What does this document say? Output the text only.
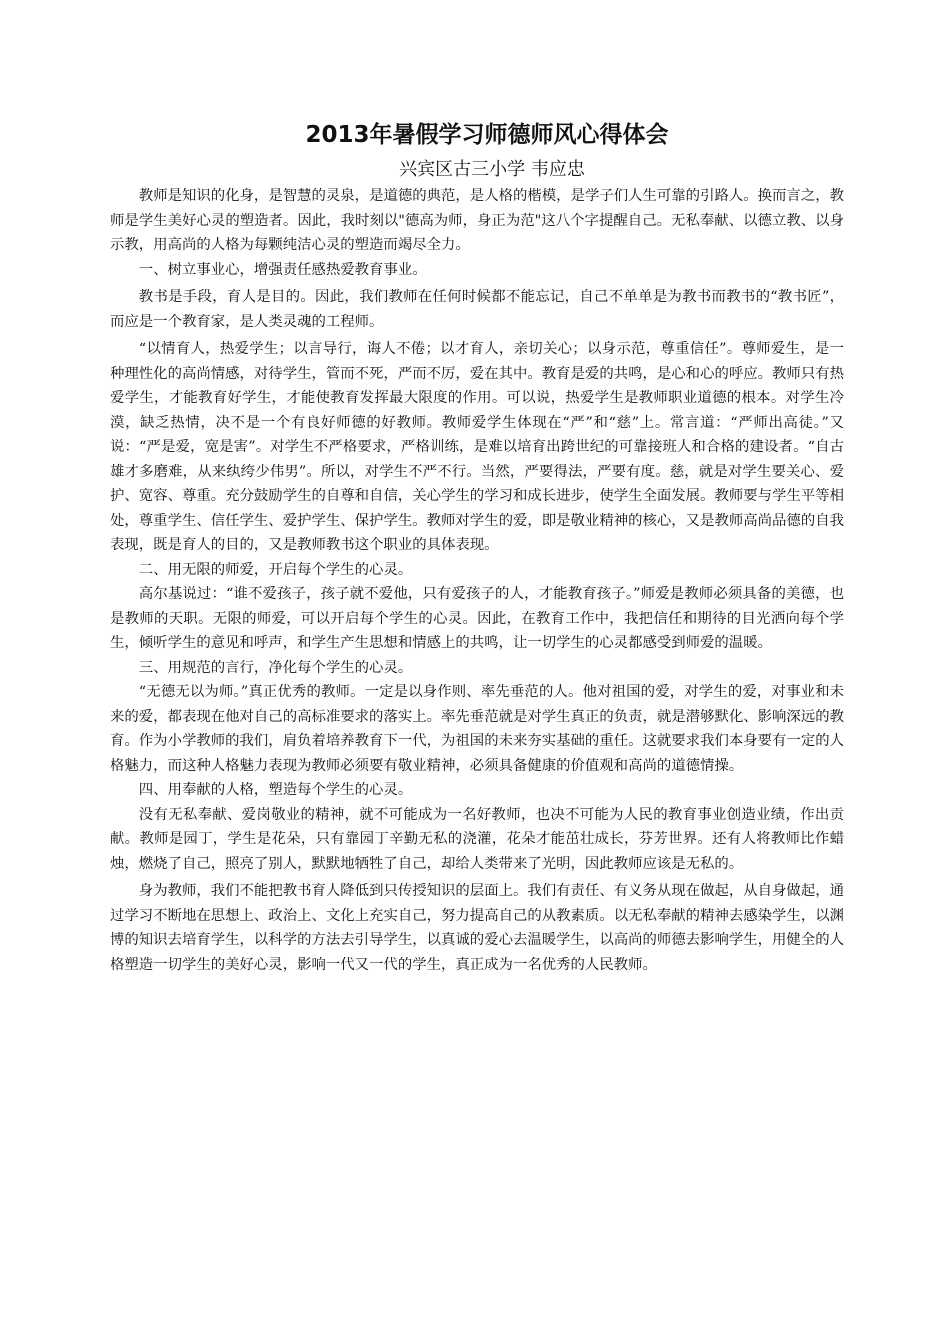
2013年暑假学习师德师风心得体会
兴宾区古三小学 韦应忠

教师是知识的化身，是智慧的灵泉，是道德的典范，是人格的楷模，是学子们人生可靠的引路人。换而言之，教师是学生美好心灵的塑造者。因此，我时刻以"德高为师，身正为范"这八个字提醒自己。无私奉献、以德立教、以身示教，用高尚的人格为每颗纯洁心灵的塑造而竭尽全力。

一、树立事业心，增强责任感热爱教育事业。

教书是手段，育人是目的。因此，我们教师在任何时候都不能忘记，自己不单单是为教书而教书的“教书匠”，而应是一个教育家，是人类灵魂的工程师。

“以情育人，热爱学生；以言导行，诲人不倦；以才育人，亲切关心；以身示范，尊重信任”。尊师爱生，是一种理性化的高尚情感，对待学生，管而不死，严而不厉，爱在其中。教育是爱的共鸣，是心和心的呼应。教师只有热爱学生，才能教育好学生，才能使教育发挥最大限度的作用。可以说，热爱学生是教师职业道德的根本。对学生冷漠，缺乏热情，决不是一个有良好师德的好教师。教师爱学生体现在“严”和“慈”上。常言道：“严师出高徒。”又说：“严是爱，宽是害”。对学生不严格要求，严格训练，是难以培育出跨世纪的可靠接班人和合格的建设者。“自古雄才多磨难，从来纨绔少伟男”。所以，对学生不严不行。当然，严要得法，严要有度。慈，就是对学生要关心、爱护、宽容、尊重。充分鼓励学生的自尊和自信，关心学生的学习和成长进步，使学生全面发展。教师要与学生平等相处，尊重学生、信任学生、爱护学生、保护学生。教师对学生的爱，即是敬业精神的核心，又是教师高尚品德的自我表现，既是育人的目的，又是教师教书这个职业的具体表现。

二、用无限的师爱，开启每个学生的心灵。

高尔基说过：“谁不爱孩子，孩子就不爱他，只有爱孩子的人，才能教育孩子。”师爱是教师必须具备的美德，也是教师的天职。无限的师爱，可以开启每个学生的心灵。因此，在教育工作中，我把信任和期待的目光洒向每个学生，倾听学生的意见和呼声，和学生产生思想和情感上的共鸣，让一切学生的心灵都感受到师爱的温暖。

三、用规范的言行，净化每个学生的心灵。

“无德无以为师。”真正优秀的教师。一定是以身作则、率先垂范的人。他对祖国的爱，对学生的爱，对事业和未来的爱，都表现在他对自己的高标准要求的落实上。率先垂范就是对学生真正的负责，就是潜够默化、影响深远的教育。作为小学教师的我们，肩负着培养教育下一代，为祖国的未来夯实基础的重任。这就要求我们本身要有一定的人格魅力，而这种人格魅力表现为教师必须要有敬业精神，必须具备健康的价值观和高尚的道德情操。

四、用奉献的人格，塑造每个学生的心灵。

没有无私奉献、爱岗敬业的精神，就不可能成为一名好教师，也决不可能为人民的教育事业创造业绩，作出贡献。教师是园丁，学生是花朵，只有靠园丁辛勤无私的浇灌，花朵才能茁壮成长，芬芳世界。还有人将教师比作蜡烛，燃烧了自己，照亮了别人，默默地牺牲了自己，却给人类带来了光明，因此教师应该是无私的。

身为教师，我们不能把教书育人降低到只传授知识的层面上。我们有责任、有义务从现在做起，从自身做起，通过学习不断地在思想上、政治上、文化上充实自己，努力提高自己的从教素质。以无私奉献的精神去感染学生，以渊博的知识去培育学生，以科学的方法去引导学生，以真诚的爱心去温暖学生，以高尚的师德去影响学生，用健全的人格塑造一切学生的美好心灵，影响一代又一代的学生，真正成为一名优秀的人民教师。
